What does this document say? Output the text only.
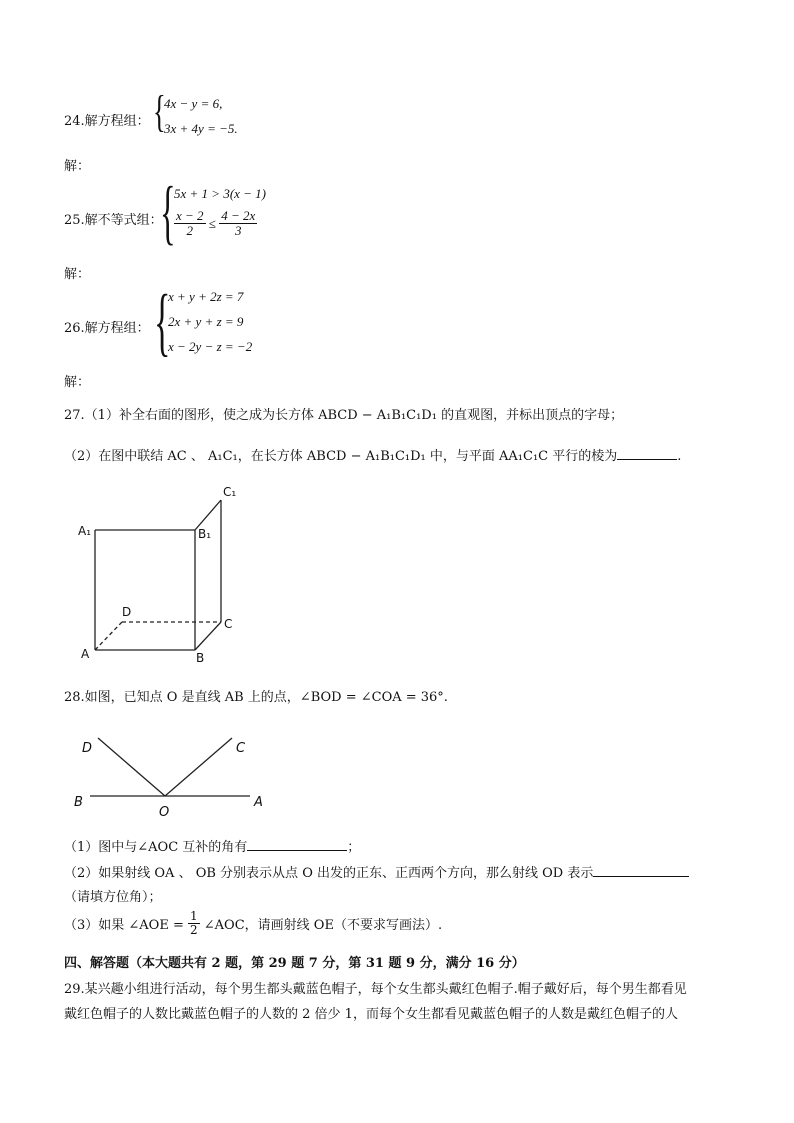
24.解方程组： {
4x − y = 6,
3x + 4y = −5.
解：
25.解不等式组：
{
5x + 1 > 3(x − 1)
$\frac{x - 2}{2} \le \frac{4 - 2x}{3}$
解：
26.解方程组： {
x + y + 2z = 7
2x + y + z = 9
x − 2y − z = −2
解：
27.（1）补全右面的图形，使之成为长方体 ABCD − A₁B₁C₁D₁ 的直观图，并标出顶点的字母；
（2）在图中联结 AC 、 A₁C₁，在长方体 ABCD − A₁B₁C₁D₁ 中，与平面 AA₁C₁C 平行的棱为	.
A₁	B₁
C₁
D
C
A	B
28.如图，已知点 O 是直线 AB 上的点，∠BOD = ∠COA = 36°.
D	C
B
O
A
（1）图中与∠AOC 互补的角有	；
（2）如果射线 OA 、 OB 分别表示从点 O 出发的正东、正西两个方向，那么射线 OD 表示
（请填方位角）；
（3）如果 ∠AOE = $\frac{1}{2}$ ∠AOC，请画射线 OE（不要求写画法）.
四、解答题（本大题共有 2 题，第 29 题 7 分，第 31 题 9 分，满分 16 分）
29.某兴趣小组进行活动，每个男生都头戴蓝色帽子，每个女生都头戴红色帽子.帽子戴好后，每个男生都看见
戴红色帽子的人数比戴蓝色帽子的人数的 2 倍少 1，而每个女生都看见戴蓝色帽子的人数是戴红色帽子的人
